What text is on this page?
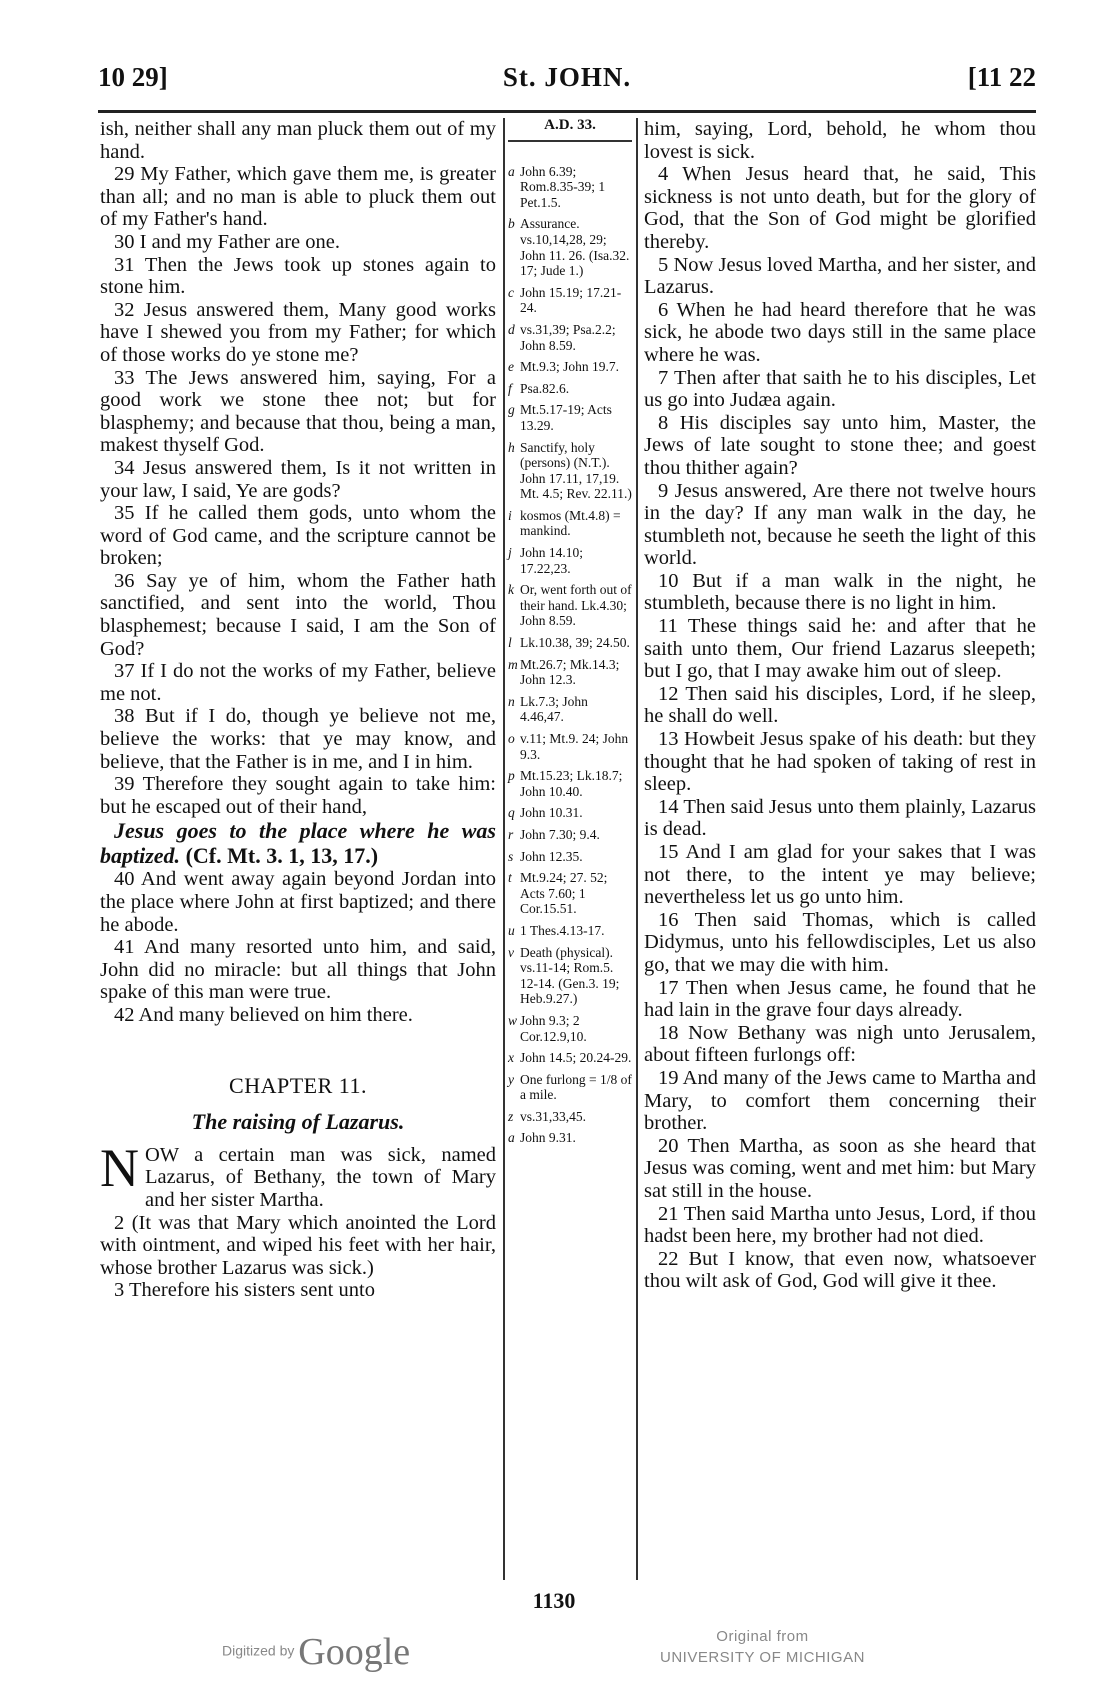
10 29]	St. JOHN.	[11 22

ish, neither shall any man pluck them out of my hand.

29 My Father, which gave them me, is greater than all; and no man is able to pluck them out of my Father's hand.

30 I and my Father are one.

31 Then the Jews took up stones again to stone him.

32 Jesus answered them, Many good works have I shewed you from my Father; for which of those works do ye stone me?

33 The Jews answered him, saying, For a good work we stone thee not; but for blasphemy; and because that thou, being a man, makest thyself God.

34 Jesus answered them, Is it not written in your law, I said, Ye are gods?

35 If he called them gods, unto whom the word of God came, and the scripture cannot be broken;

36 Say ye of him, whom the Father hath sanctified, and sent into the world, Thou blasphemest; because I said, I am the Son of God?

37 If I do not the works of my Father, believe me not.

38 But if I do, though ye believe not me, believe the works: that ye may know, and believe, that the Father is in me, and I in him.

39 Therefore they sought again to take him: but he escaped out of their hand,

Jesus goes to the place where he was baptized. (Cf. Mt. 3. 1, 13, 17.)

40 And went away again beyond Jordan into the place where John at first baptized; and there he abode.

41 And many resorted unto him, and said, John did no miracle: but all things that John spake of this man were true.

42 And many believed on him there.

CHAPTER 11.
The raising of Lazarus.

NOW a certain man was sick, named Lazarus, of Bethany, the town of Mary and her sister Martha.

2 (It was that Mary which anointed the Lord with ointment, and wiped his feet with her hair, whose brother Lazarus was sick.)

3 Therefore his sisters sent unto

A.D. 33.
a John 6.39; Rom.8.35-39; 1 Pet.1.5.
b Assurance. vs.10,14,28, 29; John 11. 26. (Isa.32. 17; Jude 1.)
c John 15.19; 17.21-24.
d vs.31,39; Psa.2.2; John 8.59.
e Mt.9.3; John 19.7.
f Psa.82.6.
g Mt.5.17-19; Acts 13.29.
h Sanctify, holy (persons) (N.T.). John 17.11, 17,19. Mt. 4.5; Rev. 22.11.)
i kosmos (Mt.4.8) = mankind.
j John 14.10; 17.22,23.
k Or, went forth out of their hand. Lk.4.30; John 8.59.
l Lk.10.38, 39; 24.50.
m Mt.26.7; Mk.14.3; John 12.3.
n Lk.7.3; John 4.46,47.
o v.11; Mt.9. 24; John 9.3.
p Mt.15.23; Lk.18.7; John 10.40.
q John 10.31.
r John 7.30; 9.4.
s John 12.35.
t Mt.9.24; 27. 52; Acts 7.60; 1 Cor.15.51.
u 1 Thes.4.13-17.
v Death (physical). vs.11-14; Rom.5. 12-14. (Gen.3. 19; Heb.9.27.)
w John 9.3; 2 Cor.12.9,10.
x John 14.5; 20.24-29.
y One furlong = 1/8 of a mile.
z vs.31,33,45.
a John 9.31.

him, saying, Lord, behold, he whom thou lovest is sick.

4 When Jesus heard that, he said, This sickness is not unto death, but for the glory of God, that the Son of God might be glorified thereby.

5 Now Jesus loved Martha, and her sister, and Lazarus.

6 When he had heard therefore that he was sick, he abode two days still in the same place where he was.

7 Then after that saith he to his disciples, Let us go into Judæa again.

8 His disciples say unto him, Master, the Jews of late sought to stone thee; and goest thou thither again?

9 Jesus answered, Are there not twelve hours in the day? If any man walk in the day, he stumbleth not, because he seeth the light of this world.

10 But if a man walk in the night, he stumbleth, because there is no light in him.

11 These things said he: and after that he saith unto them, Our friend Lazarus sleepeth; but I go, that I may awake him out of sleep.

12 Then said his disciples, Lord, if he sleep, he shall do well.

13 Howbeit Jesus spake of his death: but they thought that he had spoken of taking of rest in sleep.

14 Then said Jesus unto them plainly, Lazarus is dead.

15 And I am glad for your sakes that I was not there, to the intent ye may believe; nevertheless let us go unto him.

16 Then said Thomas, which is called Didymus, unto his fellowdisciples, Let us also go, that we may die with him.

17 Then when Jesus came, he found that he had lain in the grave four days already.

18 Now Bethany was nigh unto Jerusalem, about fifteen furlongs off:

19 And many of the Jews came to Martha and Mary, to comfort them concerning their brother.

20 Then Martha, as soon as she heard that Jesus was coming, went and met him: but Mary sat still in the house.

21 Then said Martha unto Jesus, Lord, if thou hadst been here, my brother had not died.

22 But I know, that even now, whatsoever thou wilt ask of God, God will give it thee.

1130
Digitized by Google	Original from
UNIVERSITY OF MICHIGAN
